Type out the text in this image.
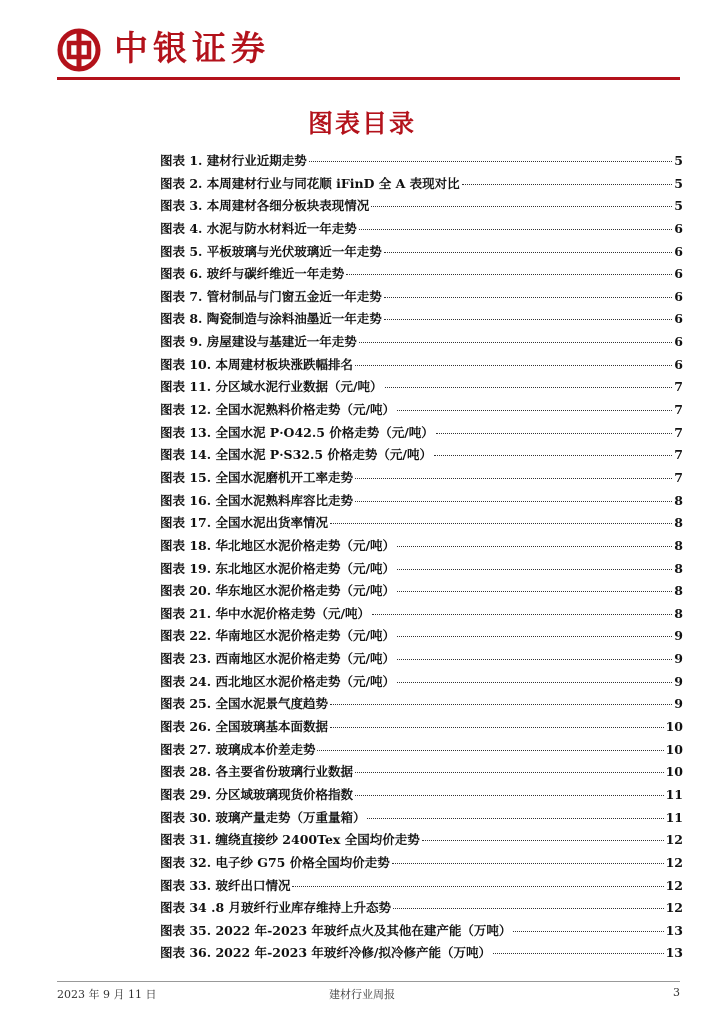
中银证券
图表目录
图表 1. 建材行业近期走势	5
图表 2. 本周建材行业与同花顺 iFinD 全 A 表现对比	5
图表 3. 本周建材各细分板块表现情况	5
图表 4. 水泥与防水材料近一年走势	6
图表 5. 平板玻璃与光伏玻璃近一年走势	6
图表 6. 玻纤与碳纤维近一年走势	6
图表 7. 管材制品与门窗五金近一年走势	6
图表 8. 陶瓷制造与涂料油墨近一年走势	6
图表 9. 房屋建设与基建近一年走势	6
图表 10. 本周建材板块涨跌幅排名	6
图表 11. 分区域水泥行业数据（元/吨）	7
图表 12. 全国水泥熟料价格走势（元/吨）	7
图表 13. 全国水泥 P·O42.5 价格走势（元/吨）	7
图表 14. 全国水泥 P·S32.5 价格走势（元/吨）	7
图表 15. 全国水泥磨机开工率走势	7
图表 16. 全国水泥熟料库容比走势	8
图表 17. 全国水泥出货率情况	8
图表 18. 华北地区水泥价格走势（元/吨）	8
图表 19. 东北地区水泥价格走势（元/吨）	8
图表 20. 华东地区水泥价格走势（元/吨）	8
图表 21. 华中水泥价格走势（元/吨）	8
图表 22. 华南地区水泥价格走势（元/吨）	9
图表 23. 西南地区水泥价格走势（元/吨）	9
图表 24. 西北地区水泥价格走势（元/吨）	9
图表 25. 全国水泥景气度趋势	9
图表 26. 全国玻璃基本面数据	10
图表 27. 玻璃成本价差走势	10
图表 28. 各主要省份玻璃行业数据	10
图表 29. 分区域玻璃现货价格指数	11
图表 30. 玻璃产量走势（万重量箱）	11
图表 31. 缠绕直接纱 2400Tex 全国均价走势	12
图表 32. 电子纱 G75 价格全国均价走势	12
图表 33. 玻纤出口情况	12
图表 34 .8 月玻纤行业库存维持上升态势	12
图表 35. 2022 年-2023 年玻纤点火及其他在建产能（万吨）	13
图表 36. 2022 年-2023 年玻纤冷修/拟冷修产能（万吨）	13
2023 年 9 月 11 日	建材行业周报	3
